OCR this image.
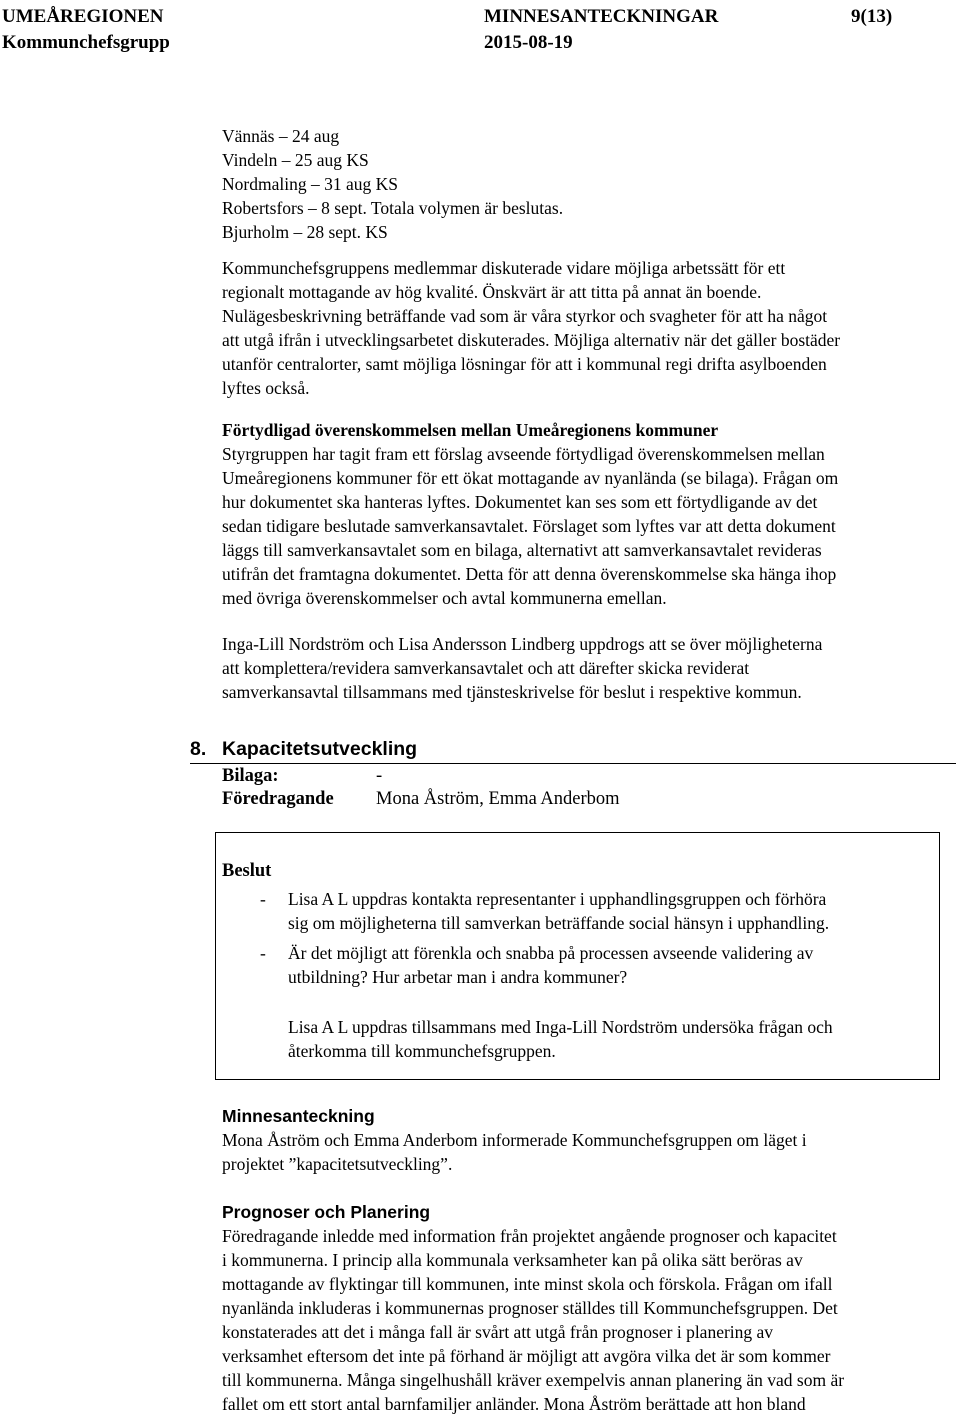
UMEÅREGIONEN	MINNESANTECKNINGAR	9(13)
Kommunchefsgrupp	2015-08-19
Vännäs – 24 aug
Vindeln – 25 aug KS
Nordmaling – 31 aug KS
Robertsfors – 8 sept. Totala volymen är beslutas.
Bjurholm – 28 sept. KS
Kommunchefsgruppens medlemmar diskuterade vidare möjliga arbetssätt för ett
regionalt mottagande av hög kvalité. Önskvärt är att titta på annat än boende.
Nulägesbeskrivning beträffande vad som är våra styrkor och svagheter för att ha något
att utgå ifrån i utvecklingsarbetet diskuterades. Möjliga alternativ när det gäller bostäder
utanför centralorter, samt möjliga lösningar för att i kommunal regi drifta asylboenden
lyftes också.
Förtydligad överenskommelsen mellan Umeåregionens kommuner
Styrgruppen har tagit fram ett förslag avseende förtydligad överenskommelsen mellan
Umeåregionens kommuner för ett ökat mottagande av nyanlända (se bilaga). Frågan om
hur dokumentet ska hanteras lyftes. Dokumentet kan ses som ett förtydligande av det
sedan tidigare beslutade samverkansavtalet. Förslaget som lyftes var att detta dokument
läggs till samverkansavtalet som en bilaga, alternativt att samverkansavtalet revideras
utifrån det framtagna dokumentet. Detta för att denna överenskommelse ska hänga ihop
med övriga överenskommelser och avtal kommunerna emellan.
Inga-Lill Nordström och Lisa Andersson Lindberg uppdrogs att se över möjligheterna
att komplettera/revidera samverkansavtalet och att därefter skicka reviderat
samverkansavtal tillsammans med tjänsteskrivelse för beslut i respektive kommun.
8. Kapacitetsutveckling
Bilaga:	-
Föredragande Mona Åström, Emma Anderbom
Beslut
- Lisa A L uppdras kontakta representanter i upphandlingsgruppen och förhöra
sig om möjligheterna till samverkan beträffande social hänsyn i upphandling.
- Är det möjligt att förenkla och snabba på processen avseende validering av
utbildning? Hur arbetar man i andra kommuner?
Lisa A L uppdras tillsammans med Inga-Lill Nordström undersöka frågan och
återkomma till kommunchefsgruppen.
Minnesanteckning
Mona Åström och Emma Anderbom informerade Kommunchefsgruppen om läget i
projektet ”kapacitetsutveckling”.
Prognoser och Planering
Föredragande inledde med information från projektet angående prognoser och kapacitet
i kommunerna. I princip alla kommunala verksamheter kan på olika sätt beröras av
mottagande av flyktingar till kommunen, inte minst skola och förskola. Frågan om ifall
nyanlända inkluderas i kommunernas prognoser ställdes till Kommunchefsgruppen. Det
konstaterades att det i många fall är svårt att utgå från prognoser i planering av
verksamhet eftersom det inte på förhand är möjligt att avgöra vilka det är som kommer
till kommunerna. Många singelhushåll kräver exempelvis annan planering än vad som är
fallet om ett stort antal barnfamiljer anländer. Mona Åström berättade att hon bland
